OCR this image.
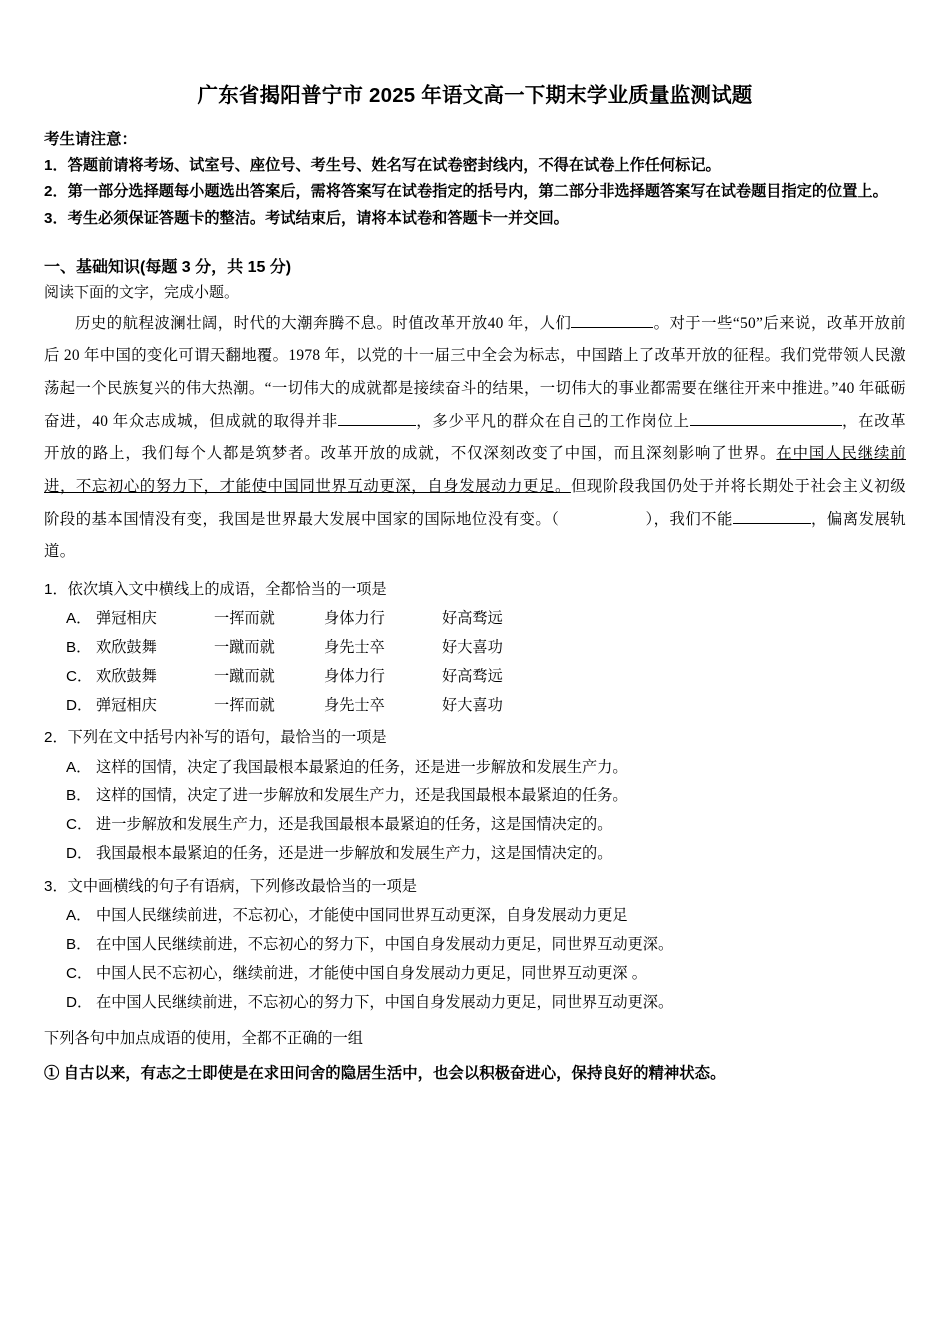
广东省揭阳普宁市 2025 年语文高一下期末学业质量监测试题
考生请注意：
1．答题前请将考场、试室号、座位号、考生号、姓名写在试卷密封线内，不得在试卷上作任何标记。
2．第一部分选择题每小题选出答案后，需将答案写在试卷指定的括号内，第二部分非选择题答案写在试卷题目指定的位置上。
3．考生必须保证答题卡的整洁。考试结束后，请将本试卷和答题卡一并交回。
一、基础知识(每题 3 分，共 15 分)
阅读下面的文字，完成小题。
历史的航程波澜壮阔，时代的大潮奔腾不息。时值改革开放40 年，人们	。对于一些“50”后来说，改革开放前后 20 年中国的变化可谓天翻地覆。1978 年，以党的十一届三中全会为标志，中国踏上了改革开放的征程。我们党带领人民激荡起一个民族复兴的伟大热潮。“一切伟大的成就都是接续奋斗的结果，一切伟大的事业都需要在继往开来中推进。”40 年砥砺奋进，40 年众志成城，但成就的取得并非	，多少平凡的群众在自己的工作岗位上	，在改革开放的路上，我们每个人都是筑梦者。改革开放的成就，不仅深刻改变了中国，而且深刻影响了世界。在中国人民继续前进，不忘初心的努力下，才能使中国同世界互动更深，自身发展动力更足。但现阶段我国仍处于并将长期处于社会主义初级阶段的基本国情没有变，我国是世界最大发展中国家的国际地位没有变。（	），我们不能	，偏离发展轨道。
1．依次填入文中横线上的成语，全都恰当的一项是
A． 弹冠相庆	一挥而就	身体力行	好高骛远
B． 欢欣鼓舞	一蹴而就	身先士卒	好大喜功
C． 欢欣鼓舞	一蹴而就	身体力行	好高骛远
D． 弹冠相庆	一挥而就	身先士卒	好大喜功
2．下列在文中括号内补写的语句，最恰当的一项是
A． 这样的国情，决定了我国最根本最紧迫的任务，还是进一步解放和发展生产力。
B． 这样的国情，决定了进一步解放和发展生产力，还是我国最根本最紧迫的任务。
C． 进一步解放和发展生产力，还是我国最根本最紧迫的任务，这是国情决定的。
D． 我国最根本最紧迫的任务，还是进一步解放和发展生产力，这是国情决定的。
3．文中画横线的句子有语病，下列修改最恰当的一项是
A． 中国人民继续前进，不忘初心，才能使中国同世界互动更深，自身发展动力更足
B． 在中国人民继续前进，不忘初心的努力下，中国自身发展动力更足，同世界互动更深。
C． 中国人民不忘初心，继续前进，才能使中国自身发展动力更足，同世界互动更深 。
D． 在中国人民继续前进，不忘初心的努力下，中国自身发展动力更足，同世界互动更深。
下列各句中加点成语的使用，全都不正确的一组
① 自古以来，有志之士即使是在求田问舍的隐居生活中，也会以积极奋进心，保持良好的精神状态。
